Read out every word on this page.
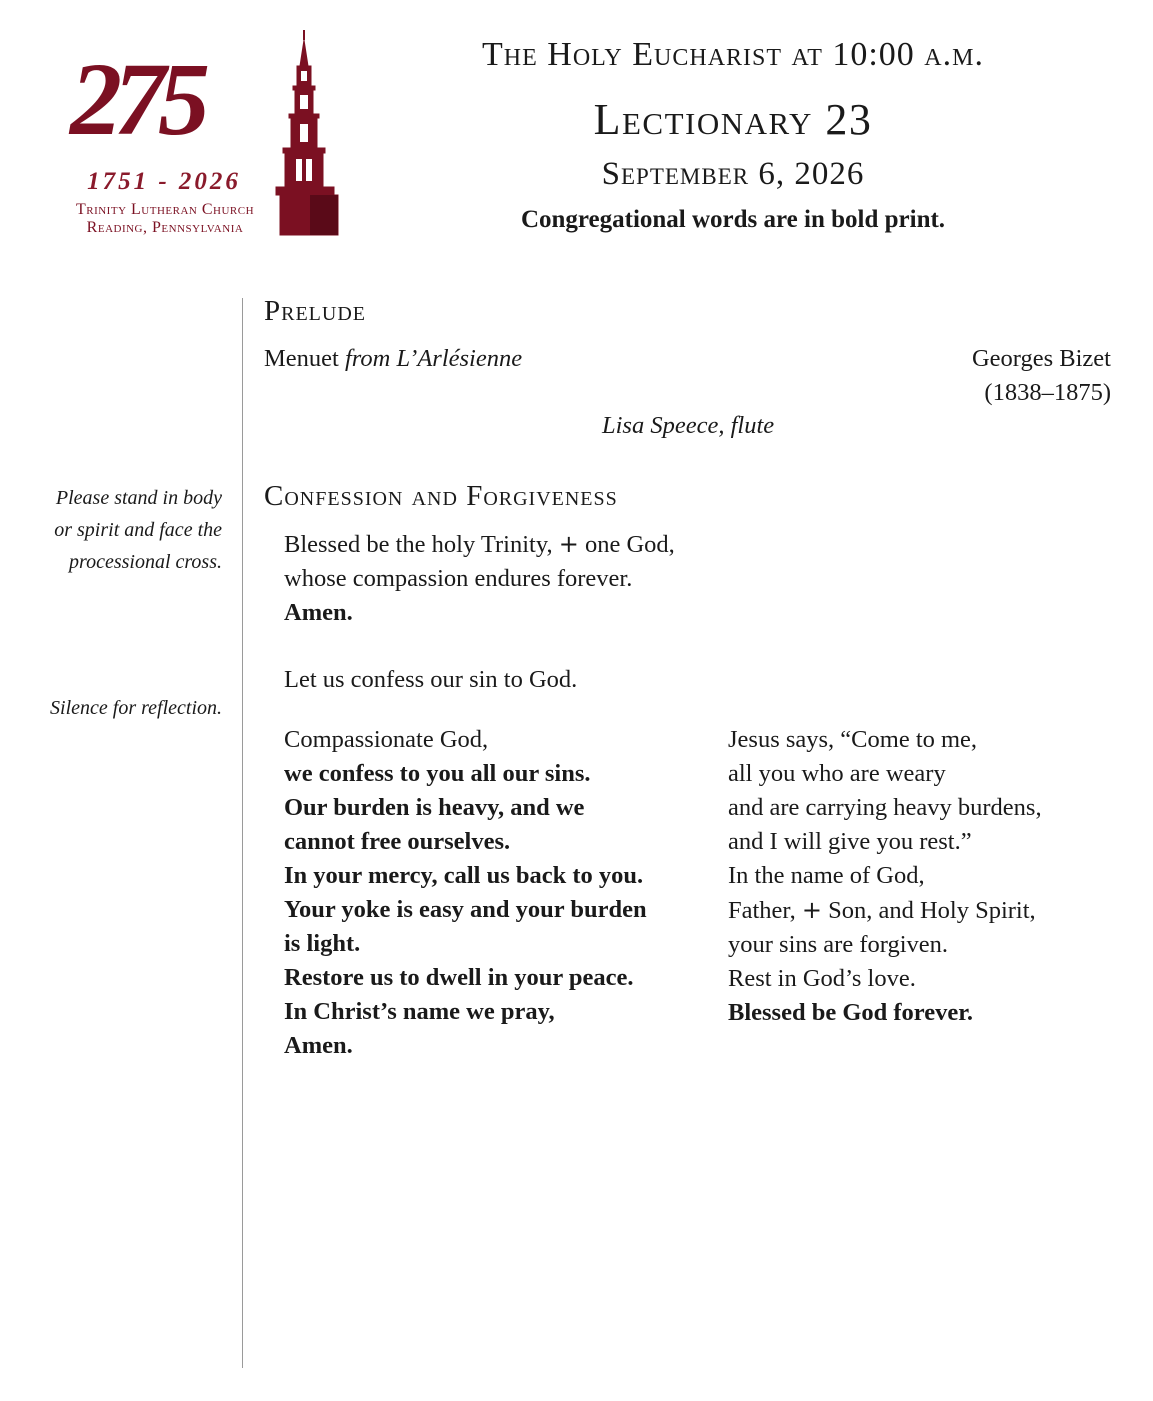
275
1751 - 2026
Trinity Lutheran Church
Reading, Pennsylvania
The Holy Eucharist at 10:00 a.m.
Lectionary 23
September 6, 2026
Congregational words are in bold print.
Prelude
Menuet from L’Arlésienne	Georges Bizet
(1838–1875)
Lisa Speece, flute
Please stand in body
or spirit and face the
processional cross.
Silence for reflection.
Confession and Forgiveness
Blessed be the holy Trinity, + one God,
whose compassion endures forever.
Amen.
Let us confess our sin to God.
Compassionate God,
we confess to you all our sins.
Our burden is heavy, and we
cannot free ourselves.
In your mercy, call us back to you.
Your yoke is easy and your burden
is light.
Restore us to dwell in your peace.
In Christ’s name we pray,
Amen.
Jesus says, “Come to me,
all you who are weary
and are carrying heavy burdens,
and I will give you rest.”
In the name of God,
Father, + Son, and Holy Spirit,
your sins are forgiven.
Rest in God’s love.
Blessed be God forever.
